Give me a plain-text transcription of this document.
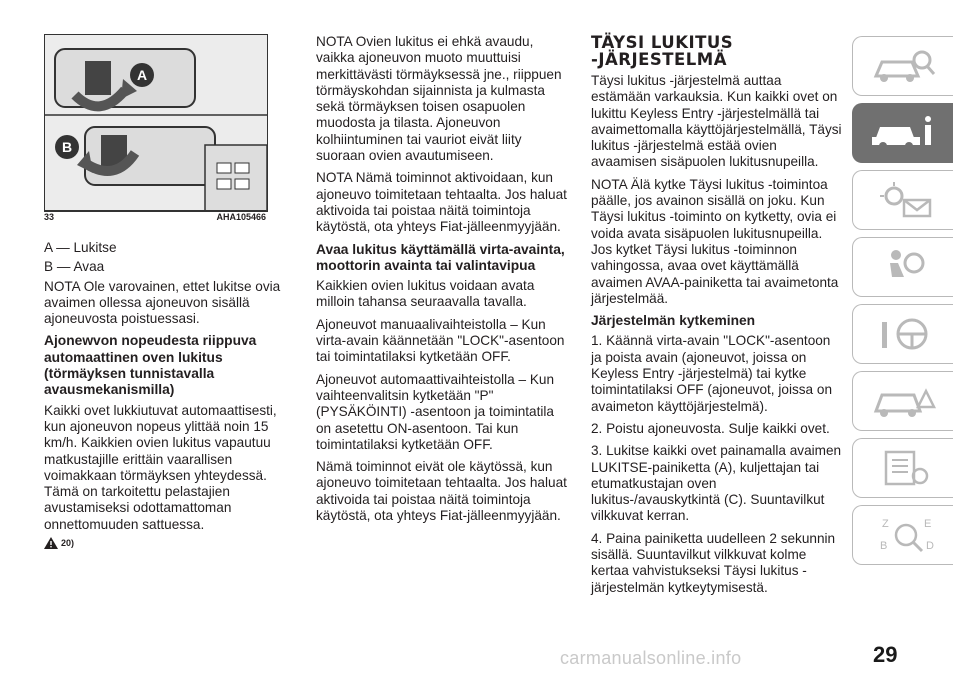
A
B
33	AHA105466

A — Lukitse

B — Avaa

NOTA Ole varovainen, ettet lukitse ovia avaimen ollessa ajoneuvon sisällä ajoneuvosta poistuessasi.

Ajonewvon nopeudesta riippuva automaattinen oven lukitus (törmäyksen tunnistavalla avausmekanismilla)

Kaikki ovet lukkiutuvat automaattisesti, kun ajoneuvon nopeus ylittää noin 15 km/h. Kaikkien ovien lukitus vapautuu matkustajille erittäin vaarallisen voimakkaan törmäyksen yhteydessä. Tämä on tarkoitettu pelastajien avustamiseksi odottamattoman onnettomuuden sattuessa.

20)

NOTA Ovien lukitus ei ehkä avaudu, vaikka ajoneuvon muoto muuttuisi merkittävästi törmäyksessä jne., riippuen törmäyskohdan sijainnista ja kulmasta sekä törmäyksen toisen osapuolen muodosta ja tilasta. Ajoneuvon kolhiintuminen tai vauriot eivät liity suoraan ovien avautumiseen.

NOTA Nämä toiminnot aktivoidaan, kun ajoneuvo toimitetaan tehtaalta. Jos haluat aktivoida tai poistaa näitä toimintoja käytöstä, ota yhteys Fiat-jälleenmyyjään.

Avaa lukitus käyttämällä virta-avainta, moottorin avainta tai valintavipua

Kaikkien ovien lukitus voidaan avata milloin tahansa seuraavalla tavalla.

Ajoneuvot manuaalivaihteistolla – Kun virta-avain käännetään "LOCK"-asentoon tai toimintatilaksi kytketään OFF.

Ajoneuvot automaattivaihteistolla – Kun vaihteenvalitsin kytketään "P" (PYSÄKÖINTI) -asentoon ja toimintatila on asetettu ON-asentoon. Tai kun toimintatilaksi kytketään OFF.

Nämä toiminnot eivät ole käytössä, kun ajoneuvo toimitetaan tehtaalta. Jos haluat aktivoida tai poistaa näitä toimintoja käytöstä, ota yhteys Fiat-jälleenmyyjään.

TÄYSI LUKITUS
-JÄRJESTELMÄ

Täysi lukitus -järjestelmä auttaa estämään varkauksia. Kun kaikki ovet on lukittu Keyless Entry -järjestelmällä tai avaimettomalla käyttöjärjestelmällä, Täysi lukitus -järjestelmä estää ovien avaamisen sisäpuolen lukitusnupeilla.

NOTA Älä kytke Täysi lukitus -toimintoa päälle, jos avainon sisällä on joku. Kun Täysi lukitus -toiminto on kytketty, ovia ei voida avata sisäpuolen lukitusnupeilla. Jos kytket Täysi lukitus -toiminnon vahingossa, avaa ovet käyttämällä avaimen AVAA-painiketta tai avaimetonta järjestelmää.

Järjestelmän kytkeminen

1. Käännä virta-avain "LOCK"-asentoon ja poista avain (ajoneuvot, joissa on Keyless Entry -järjestelmä) tai kytke toimintatilaksi OFF (ajoneuvot, joissa on avaimeton käyttöjärjestelmä).

2. Poistu ajoneuvosta. Sulje kaikki ovet.

3. Lukitse kaikki ovet painamalla avaimen LUKITSE-painiketta (A), kuljettajan tai etumatkustajan oven lukitus-/avauskytkintä (C). Suuntavilkut vilkkuvat kerran.

4. Paina painiketta uudelleen 2 sekunnin sisällä. Suuntavilkut vilkkuvat kolme kertaa vahvistukseksi Täysi lukitus -järjestelmän kytkeytymisestä.

Z	E
B	D
29
carmanualsonline.info
